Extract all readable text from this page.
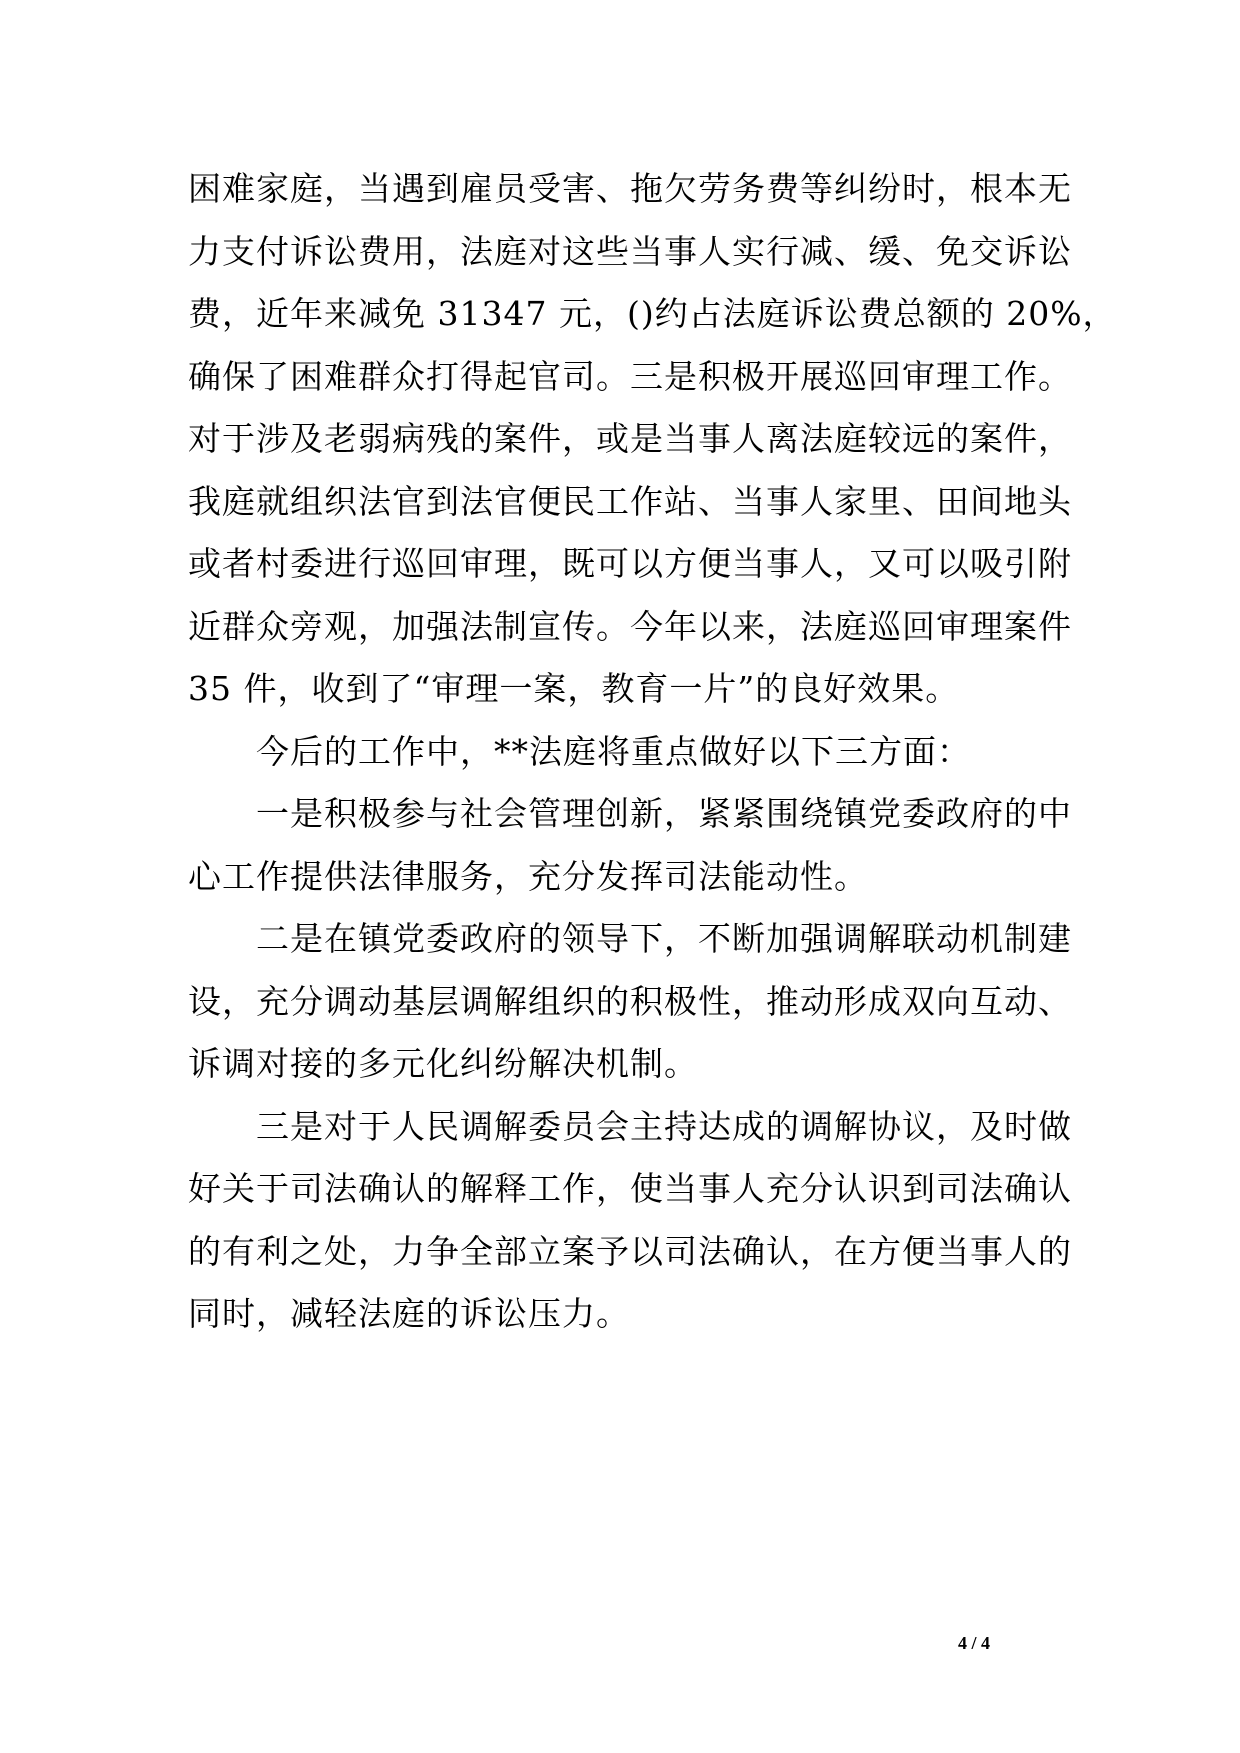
困难家庭，当遇到雇员受害、拖欠劳务费等纠纷时，根本无
力支付诉讼费用，法庭对这些当事人实行减、缓、免交诉讼
费，近年来减免 31347 元，()约占法庭诉讼费总额的 20%，
确保了困难群众打得起官司。三是积极开展巡回审理工作。
对于涉及老弱病残的案件，或是当事人离法庭较远的案件，
我庭就组织法官到法官便民工作站、当事人家里、田间地头
或者村委进行巡回审理，既可以方便当事人，又可以吸引附
近群众旁观，加强法制宣传。今年以来，法庭巡回审理案件
35 件，收到了“审理一案，教育一片”的良好效果。
今后的工作中，**法庭将重点做好以下三方面：
一是积极参与社会管理创新，紧紧围绕镇党委政府的中
心工作提供法律服务，充分发挥司法能动性。
二是在镇党委政府的领导下，不断加强调解联动机制建
设，充分调动基层调解组织的积极性，推动形成双向互动、
诉调对接的多元化纠纷解决机制。
三是对于人民调解委员会主持达成的调解协议，及时做
好关于司法确认的解释工作，使当事人充分认识到司法确认
的有利之处，力争全部立案予以司法确认，在方便当事人的
同时，减轻法庭的诉讼压力。
4 / 4
